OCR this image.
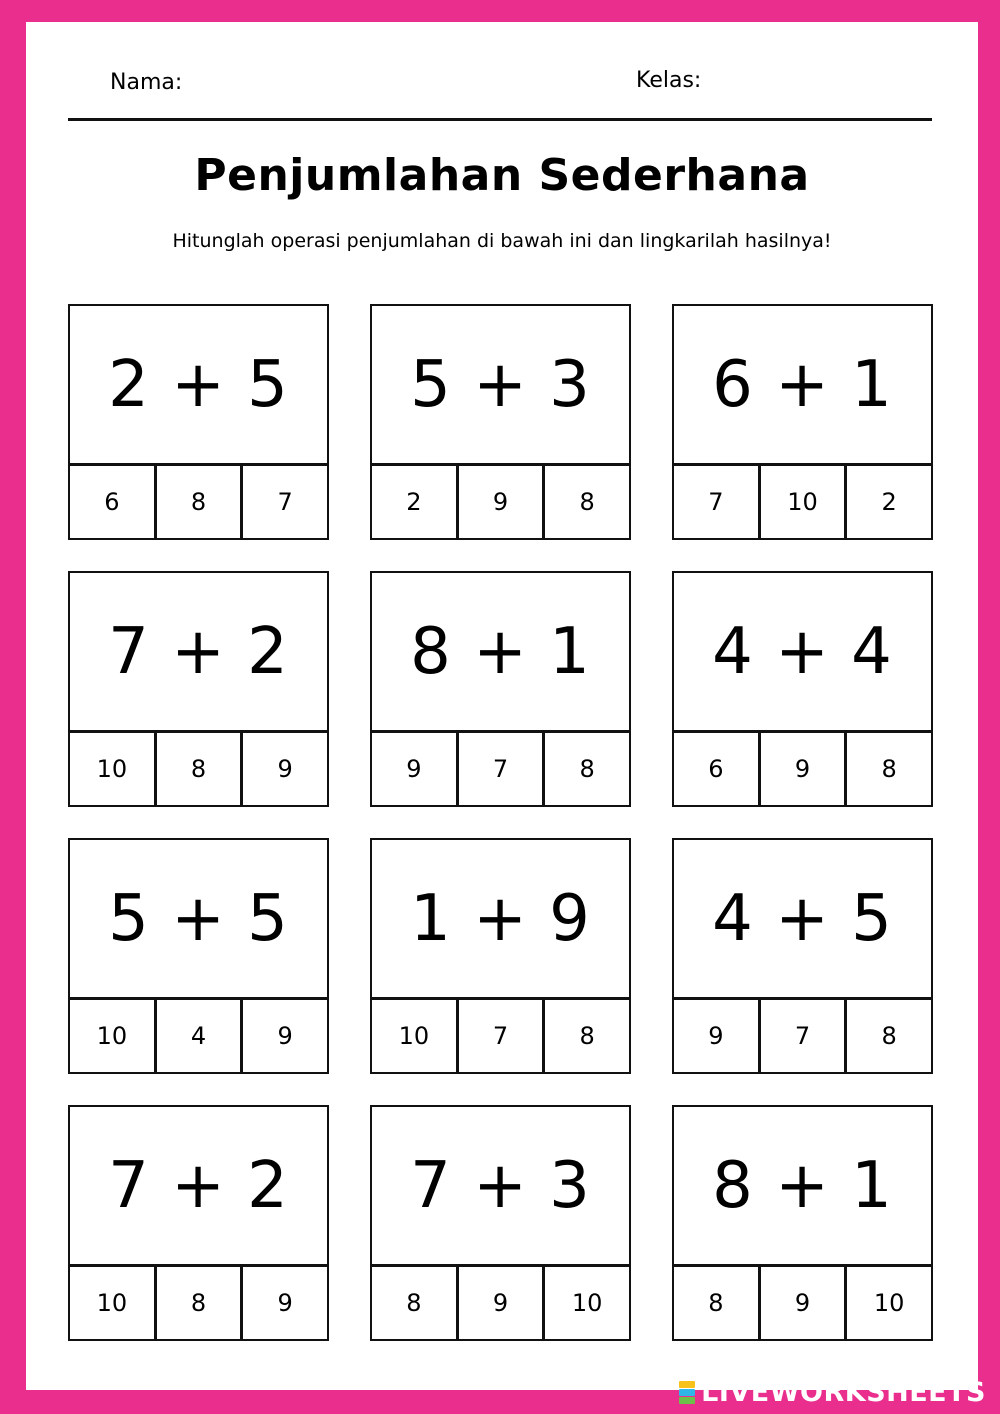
Nama:	Kelas:
Penjumlahan Sederhana
Hitunglah operasi penjumlahan di bawah ini dan lingkarilah hasilnya!
2 + 5
6	8	7
5 + 3
2	9	8
6 + 1
7	10	2
7 + 2
10	8	9
8 + 1
9	7	8
4 + 4
6	9	8
5 + 5
10	4	9
1 + 9
10	7	8
4 + 5
9	7	8
7 + 2
10	8	9
7 + 3
8	9	10
8 + 1
8	9	10
LIVEWORKSHEETS
